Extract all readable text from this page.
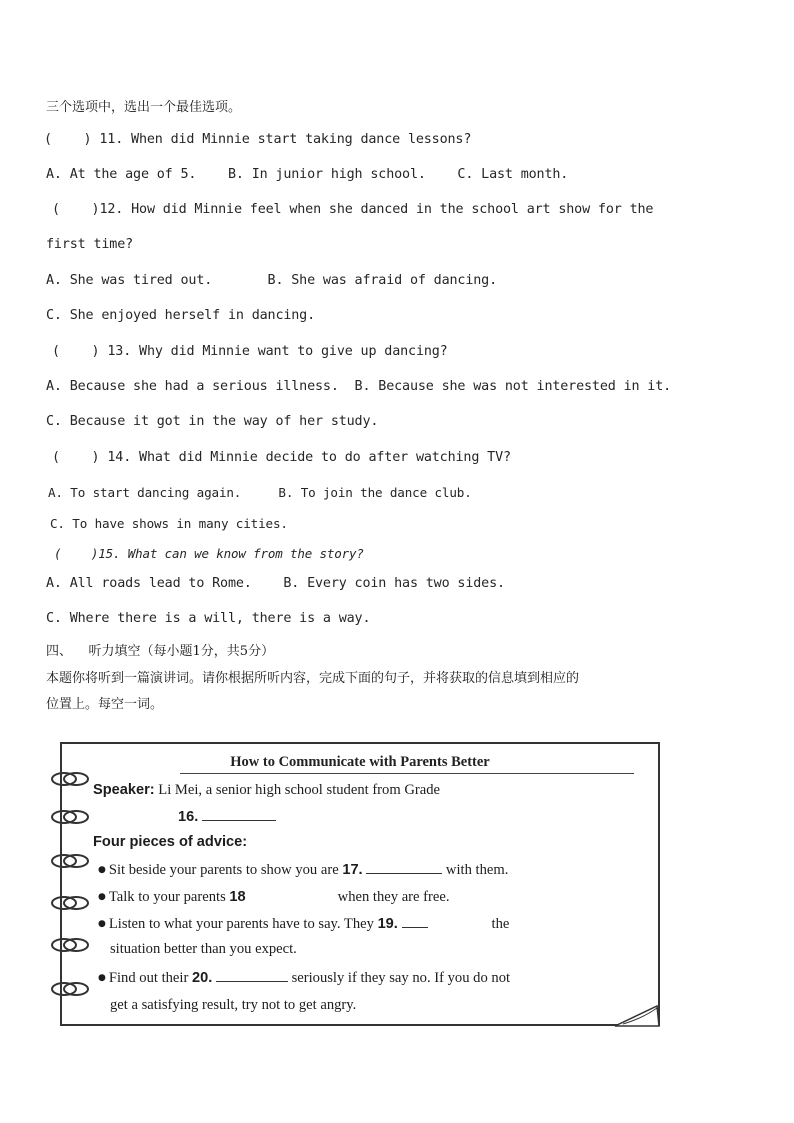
三个选项中，选出一个最佳选项。
(    ) 11. When did Minnie start taking dance lessons?
A. At the age of 5.    B. In junior high school.    C. Last month.
(    )12. How did Minnie feel when she danced in the school art show for the
first time?
A. She was tired out.       B. She was afraid of dancing.
C. She enjoyed herself in dancing.
(    ) 13. Why did Minnie want to give up dancing?
A. Because she had a serious illness.  B. Because she was not interested in it.
C. Because it got in the way of her study.
(    ) 14. What did Minnie decide to do after watching TV?
A. To start dancing again.     B. To join the dance club.
C. To have shows in many cities.
(    )15. What can we know from the story?
A. All roads lead to Rome.    B. Every coin has two sides.
C. Where there is a will, there is a way.
四、    听力填空（每小题1分，共5分）
本题你将听到一篇演讲词。请你根据所听内容，完成下面的句子，并将获取的信息填到相应的
位置上。每空一词。
How to Communicate with Parents Better
Speaker: Li Mei, a senior high school student from Grade
16.
Four pieces of advice:
● Sit beside your parents to show you are 17.	with them.
● Talk to your parents 18	when they are free.
● Listen to what your parents have to say. They 19.	the
situation better than you expect.
● Find out their 20.	seriously if they say no. If you do not
get a satisfying result, try not to get angry.
